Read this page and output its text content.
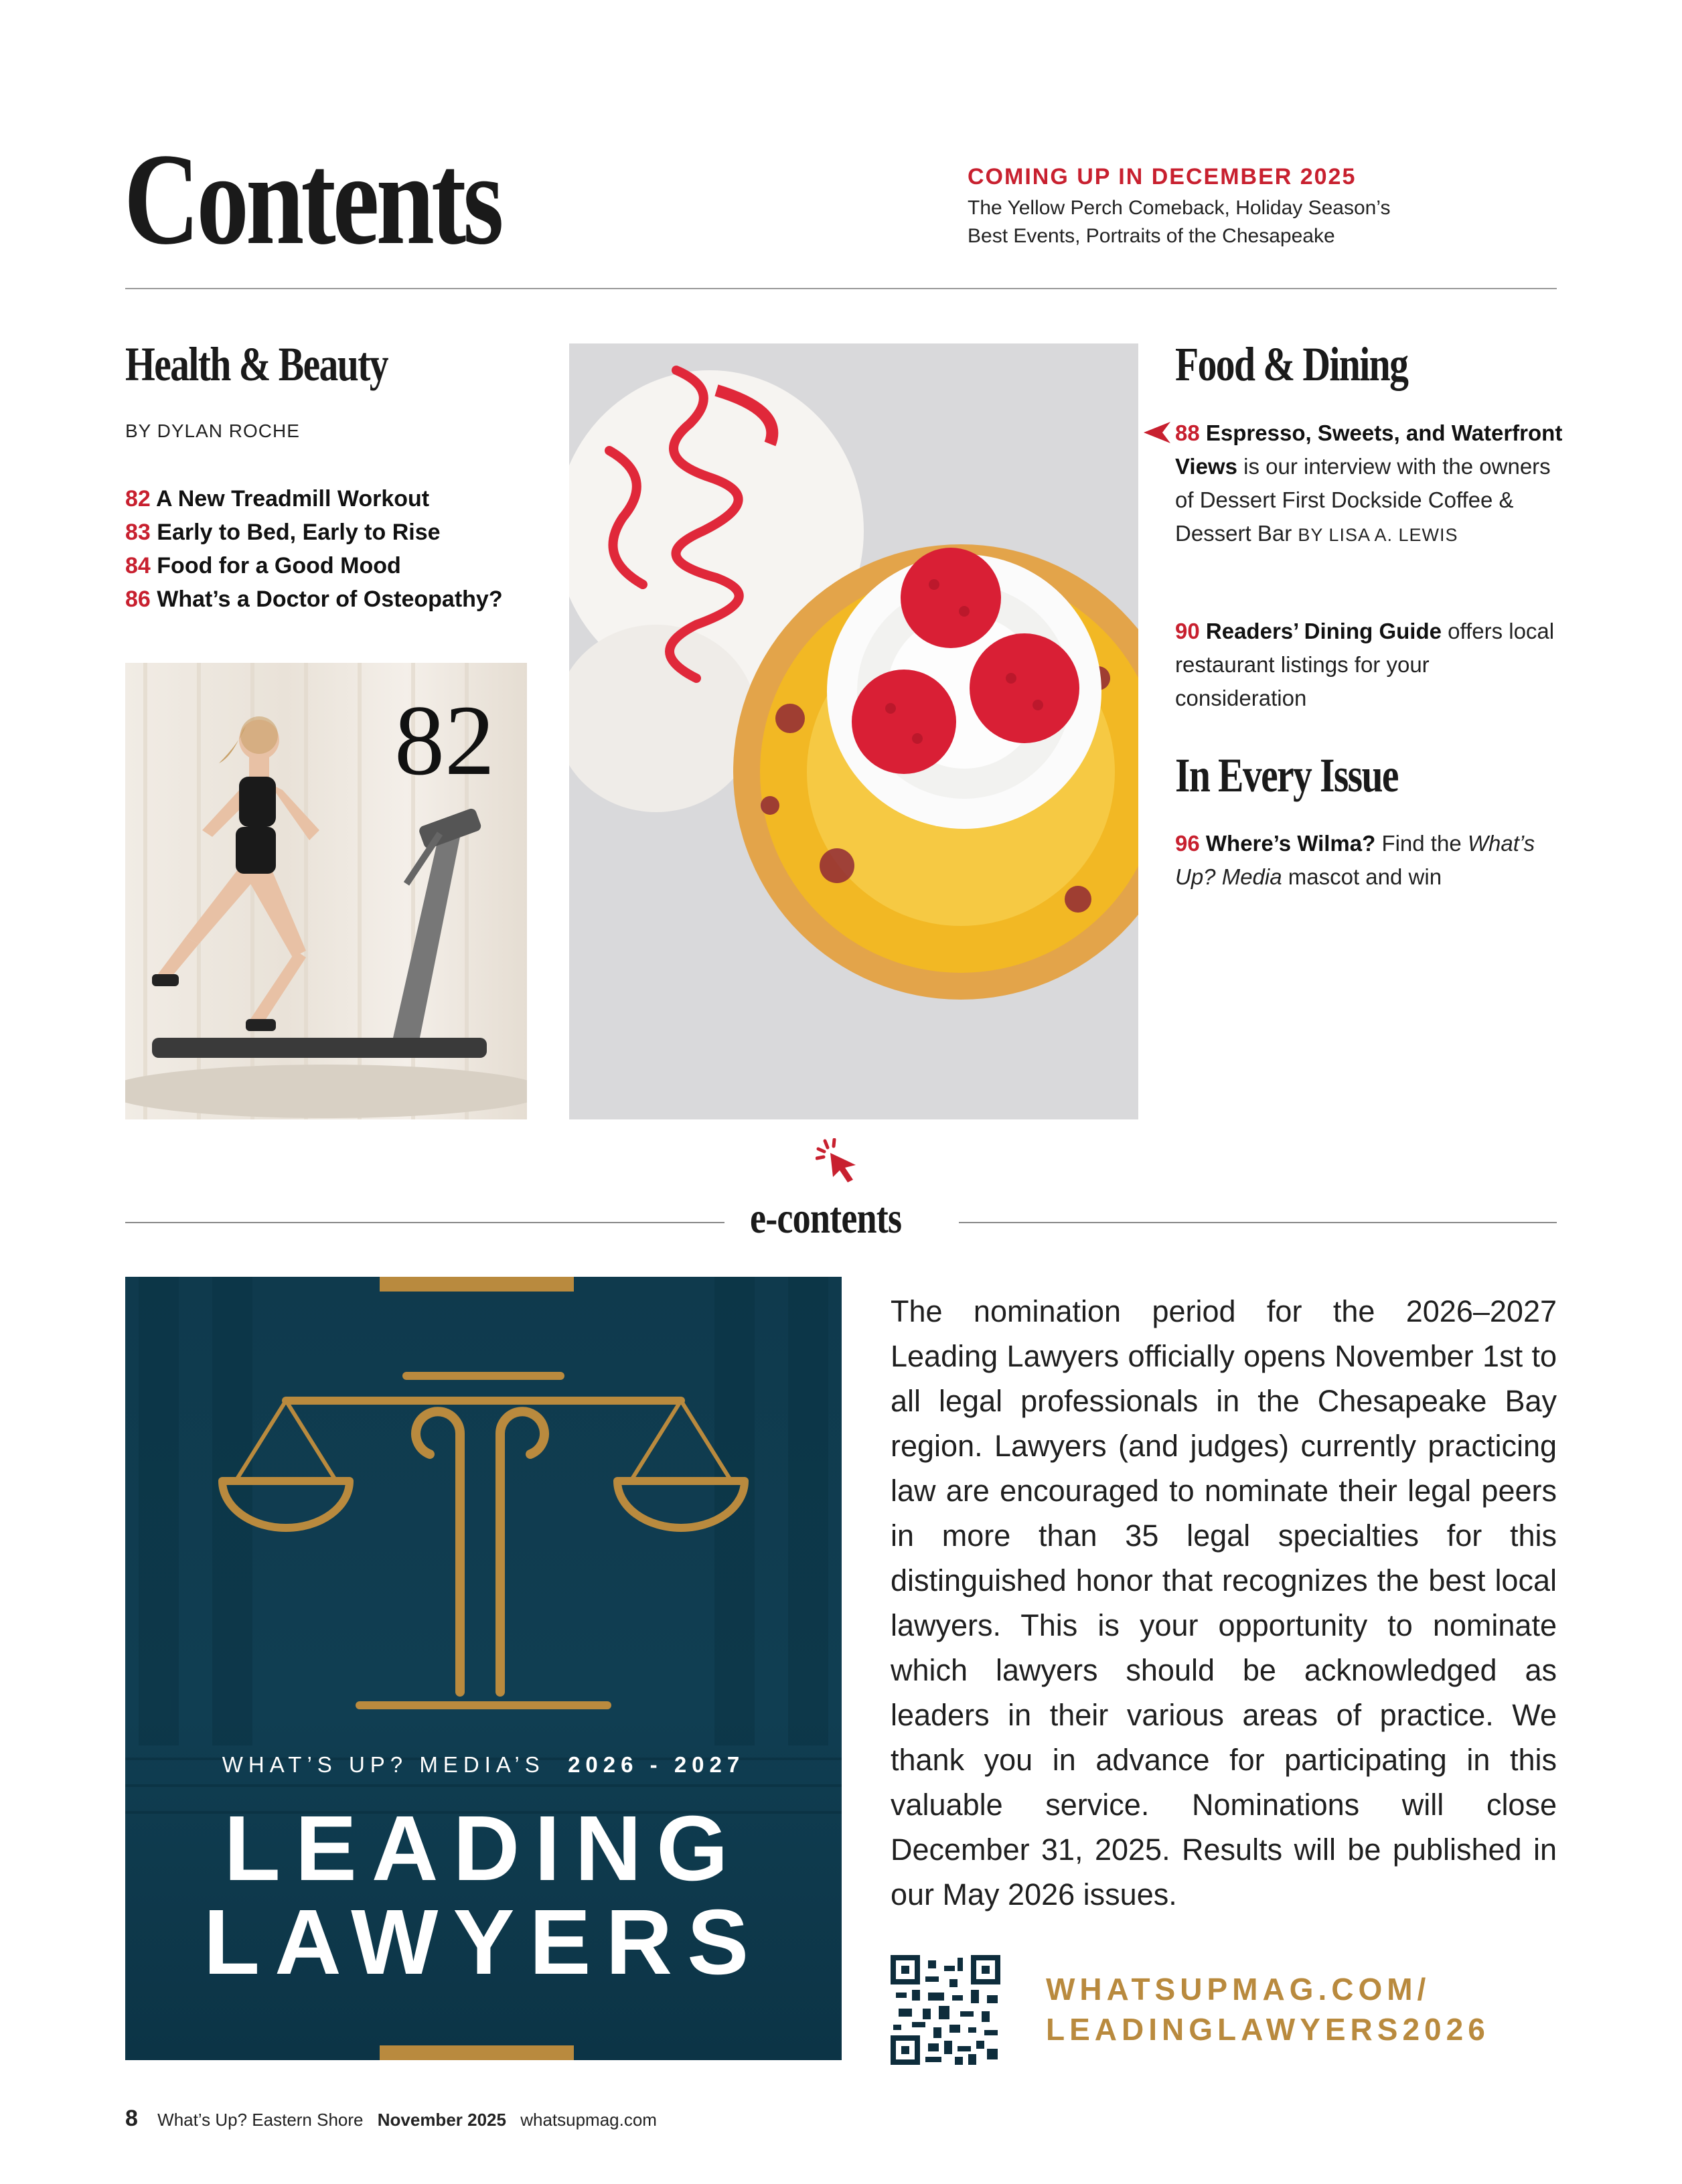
Contents	COMING UP IN DECEMBER 2025
The Yellow Perch Comeback, Holiday Season’s
Best Events, Portraits of the Chesapeake
Health & Beauty
BY DYLAN ROCHE
82 A New Treadmill Workout
83 Early to Bed, Early to Rise
84 Food for a Good Mood
86 What’s a Doctor of Osteopathy?
82
Food & Dining
88 Espresso, Sweets, and Waterfront Views is our interview with the owners of Dessert First Dockside Coffee & Dessert Bar BY LISA A. LEWIS
90 Readers’ Dining Guide offers local restaurant listings for your consideration
In Every Issue
96 Where’s Wilma? Find the What’s Up? Media mascot and win
e-contents
WHAT’S UP? MEDIA’S 2026 - 2027
LEADING
LAWYERS
The nomination period for the 2026–2027 Leading Lawyers officially opens November 1st to all legal professionals in the Chesapeake Bay region. Lawyers (and judges) currently practicing law are encouraged to nominate their legal peers in more than 35 legal specialties for this distinguished honor that recognizes the best local lawyers. This is your opportunity to nominate which lawyers should be acknowledged as leaders in their various areas of practice. We thank you in advance for participating in this valuable service. Nominations will close December 31, 2025. Results will be published in our May 2026 issues.
WHATSUPMAG.COM/
LEADINGLAWYERS2026
8 What’s Up? Eastern Shore November 2025 whatsupmag.com
